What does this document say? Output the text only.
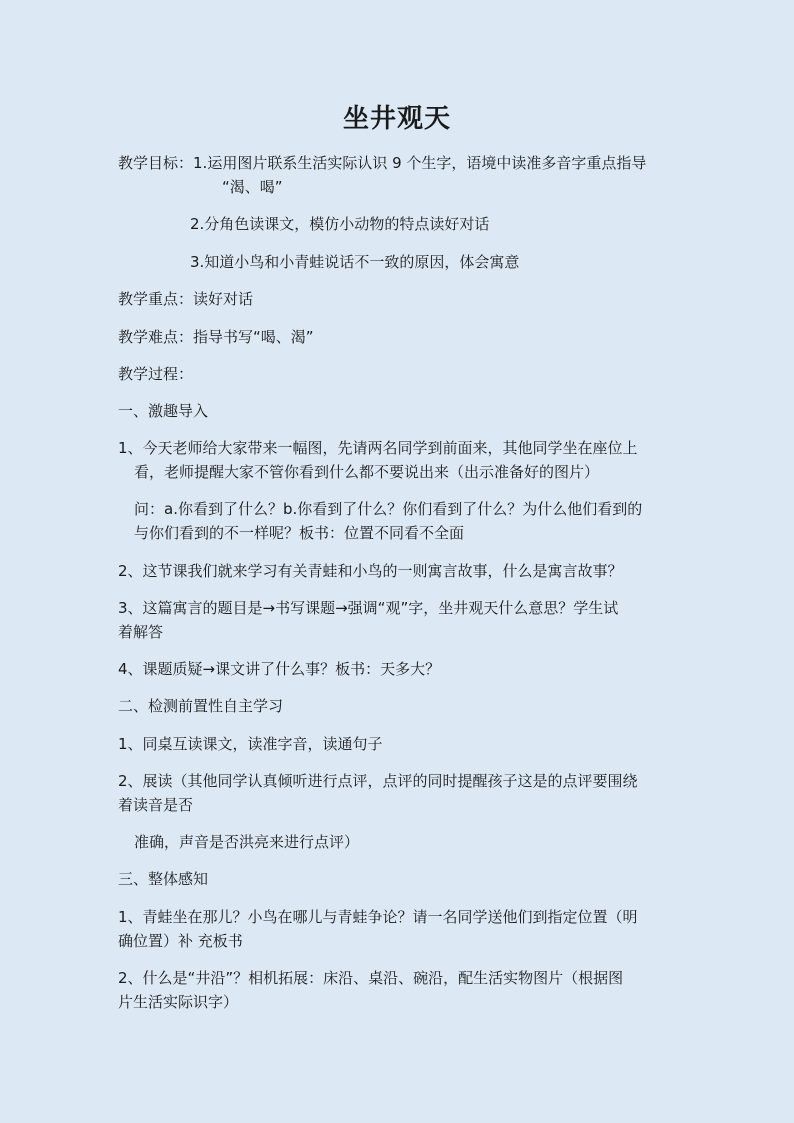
坐井观天
教学目标：1.运用图片联系生活实际认识 9 个生字，语境中读准多音字重点指导
“渴、喝”
2.分角色读课文，模仿小动物的特点读好对话
3.知道小鸟和小青蛙说话不一致的原因，体会寓意
教学重点：读好对话
教学难点：指导书写“喝、渴”
教学过程：
一、激趣导入
1、今天老师给大家带来一幅图，先请两名同学到前面来，其他同学坐在座位上
看，老师提醒大家不管你看到什么都不要说出来（出示准备好的图片）
问：a.你看到了什么？b.你看到了什么？你们看到了什么？为什么他们看到的
与你们看到的不一样呢？板书：位置不同看不全面
2、这节课我们就来学习有关青蛙和小鸟的一则寓言故事，什么是寓言故事？
3、这篇寓言的题目是→书写课题→强调“观”字，坐井观天什么意思？学生试
着解答
4、课题质疑→课文讲了什么事？板书：天多大？
二、检测前置性自主学习
1、同桌互读课文，读准字音，读通句子
2、展读（其他同学认真倾听进行点评，点评的同时提醒孩子这是的点评要围绕
着读音是否
准确，声音是否洪亮来进行点评）
三、整体感知
1、青蛙坐在那儿？小鸟在哪儿与青蛙争论？请一名同学送他们到指定位置（明
确位置）补 充板书
2、什么是“井沿”？相机拓展：床沿、桌沿、碗沿，配生活实物图片（根据图
片生活实际识字）
